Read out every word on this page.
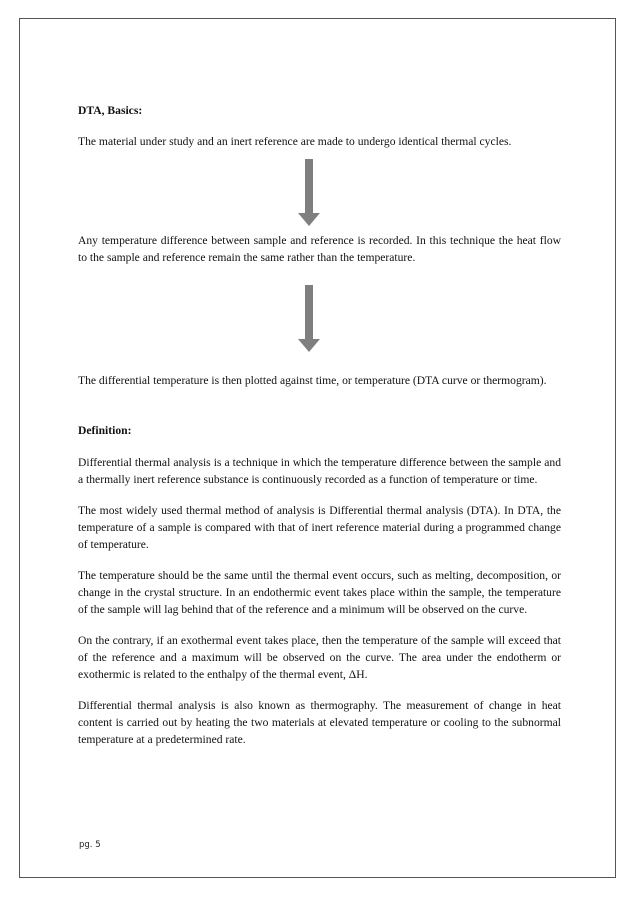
DTA, Basics:

The material under study and an inert reference are made to undergo identical thermal cycles.

Any temperature difference between sample and reference is recorded. In this technique the heat flow to the sample and reference remain the same rather than the temperature.

The differential temperature is then plotted against time, or temperature (DTA curve or thermogram).

Definition:

Differential thermal analysis is a technique in which the temperature difference between the sample and a thermally inert reference substance is continuously recorded as a function of temperature or time.

The most widely used thermal method of analysis is Differential thermal analysis (DTA). In DTA, the temperature of a sample is compared with that of inert reference material during a programmed change of temperature.

The temperature should be the same until the thermal event occurs, such as melting, decomposition, or change in the crystal structure. In an endothermic event takes place within the sample, the temperature of the sample will lag behind that of the reference and a minimum will be observed on the curve.

On the contrary, if an exothermal event takes place, then the temperature of the sample will exceed that of the reference and a maximum will be observed on the curve. The area under the endotherm or exothermic is related to the enthalpy of the thermal event, ΔH.

Differential thermal analysis is also known as thermography. The measurement of change in heat content is carried out by heating the two materials at elevated temperature or cooling to the subnormal temperature at a predetermined rate.

pg. 5
